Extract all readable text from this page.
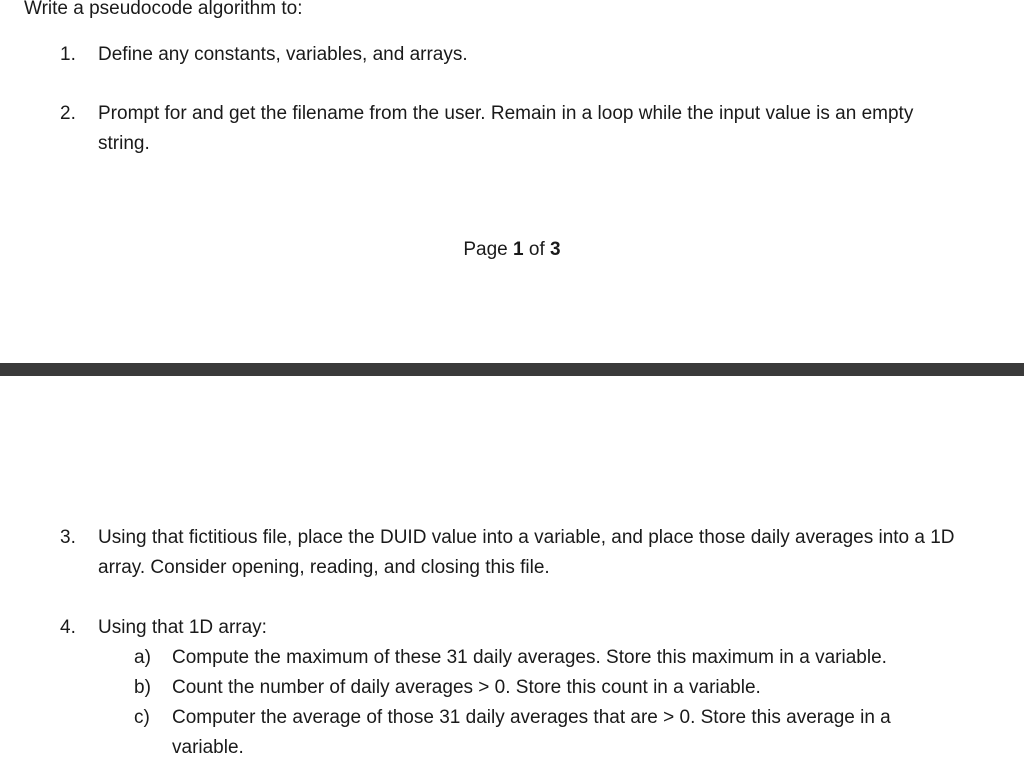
Write a pseudocode algorithm to:

1. Define any constants, variables, and arrays.
2. Prompt for and get the filename from the user. Remain in a loop while the input value is an empty string.

Page 1 of 3

3. Using that fictitious file, place the DUID value into a variable, and place those daily averages into a 1D array. Consider opening, reading, and closing this file.
4. Using that 1D array:
a) Compute the maximum of these 31 daily averages. Store this maximum in a variable.
b) Count the number of daily averages > 0. Store this count in a variable.
c) Computer the average of those 31 daily averages that are > 0. Store this average in a variable.
